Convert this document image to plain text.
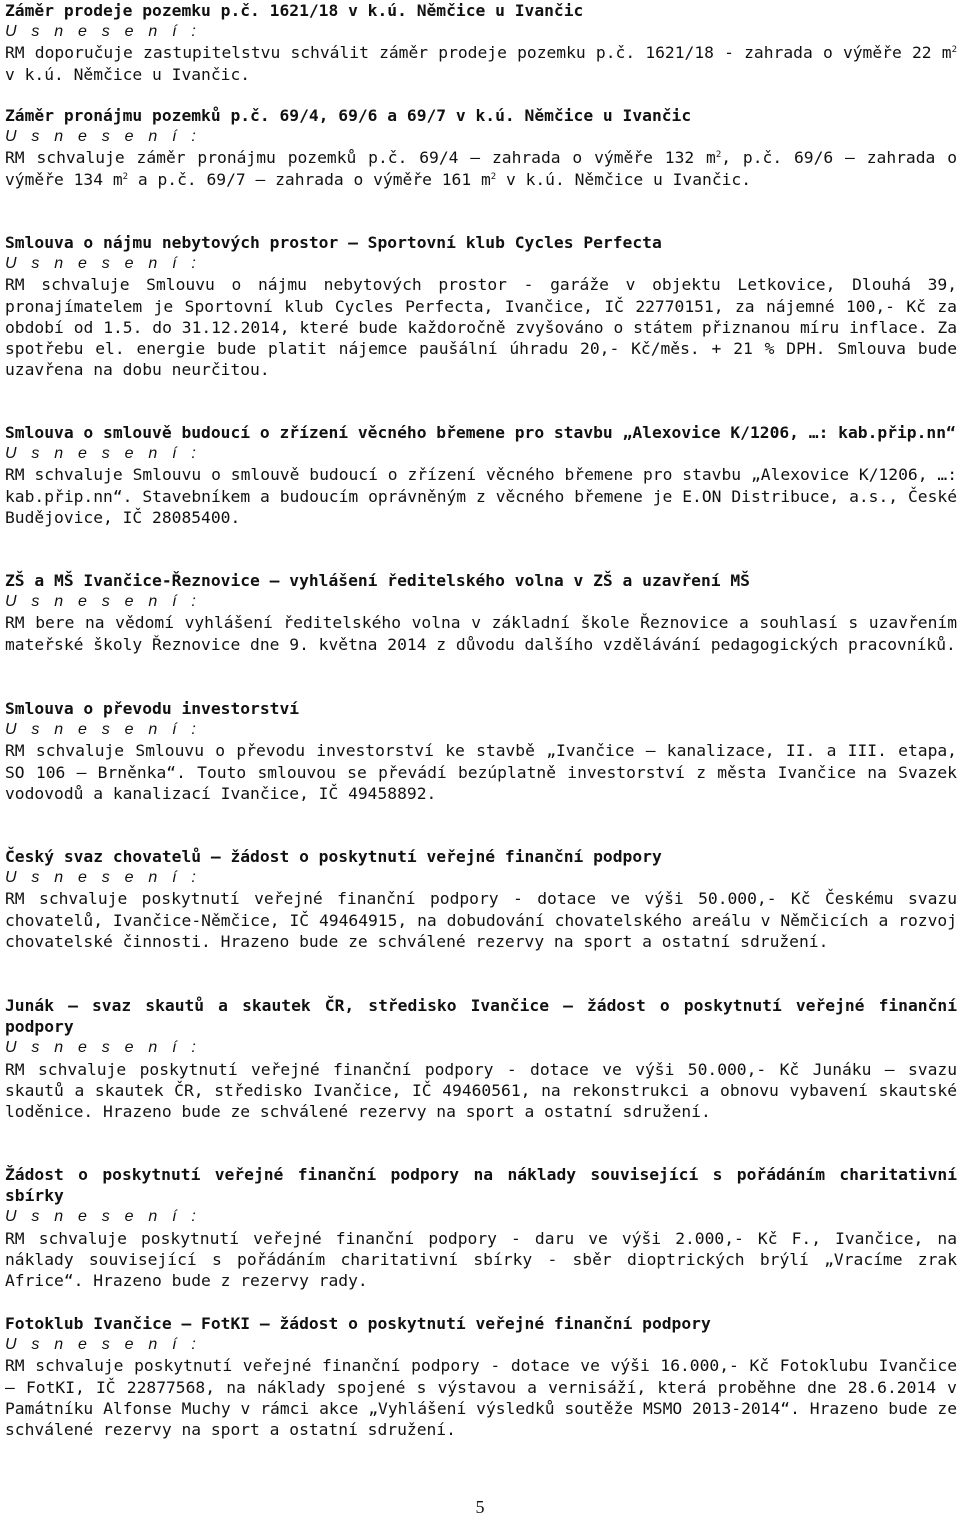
Záměr prodeje pozemku p.č. 1621/18 v k.ú. Němčice u Ivančic
U s n e s e n í :
RM doporučuje zastupitelstvu schválit záměr prodeje pozemku p.č. 1621/18 - zahrada o výměře 22 $m^2$ v k.ú. Němčice u Ivančic.
Záměr pronájmu pozemků p.č. 69/4, 69/6 a 69/7 v k.ú. Němčice u Ivančic
U s n e s e n í :
RM schvaluje záměr pronájmu pozemků p.č. 69/4 – zahrada o výměře 132 $m^2$, p.č. 69/6 – zahrada o výměře 134 $m^2$ a p.č. 69/7 – zahrada o výměře 161 $m^2$ v k.ú. Němčice u Ivančic.
Smlouva o nájmu nebytových prostor – Sportovní klub Cycles Perfecta
U s n e s e n í :
RM schvaluje Smlouvu o nájmu nebytových prostor - garáže v objektu Letkovice, Dlouhá 39, pronajímatelem je Sportovní klub Cycles Perfecta, Ivančice, IČ 22770151, za nájemné 100,- Kč za období od 1.5. do 31.12.2014, které bude každoročně zvyšováno o státem přiznanou míru inflace. Za spotřebu el. energie bude platit nájemce paušální úhradu 20,- Kč/měs. + 21 % DPH. Smlouva bude uzavřena na dobu neurčitou.
Smlouva o smlouvě budoucí o zřízení věcného břemene pro stavbu „Alexovice K/1206, …: kab.přip.nn“
U s n e s e n í :
RM schvaluje Smlouvu o smlouvě budoucí o zřízení věcného břemene pro stavbu „Alexovice K/1206, …: kab.přip.nn“. Stavebníkem a budoucím oprávněným z věcného břemene je E.ON Distribuce, a.s., České Budějovice, IČ 28085400.
ZŠ a MŠ Ivančice-Řeznovice – vyhlášení ředitelského volna v ZŠ a uzavření MŠ
U s n e s e n í :
RM bere na vědomí vyhlášení ředitelského volna v základní škole Řeznovice a souhlasí s uzavřením mateřské školy Řeznovice dne 9. května 2014 z důvodu dalšího vzdělávání pedagogických pracovníků.
Smlouva o převodu investorství
U s n e s e n í :
RM schvaluje Smlouvu o převodu investorství ke stavbě „Ivančice – kanalizace, II. a III. etapa, SO 106 – Brněnka“. Touto smlouvou se převádí bezúplatně investorství z města Ivančice na Svazek vodovodů a kanalizací Ivančice, IČ 49458892.
Český svaz chovatelů – žádost o poskytnutí veřejné finanční podpory
U s n e s e n í :
RM schvaluje poskytnutí veřejné finanční podpory - dotace ve výši 50.000,- Kč Českému svazu chovatelů, Ivančice-Němčice, IČ 49464915, na dobudování chovatelského areálu v Němčicích a rozvoj chovatelské činnosti. Hrazeno bude ze schválené rezervy na sport a ostatní sdružení.
Junák – svaz skautů a skautek ČR, středisko Ivančice – žádost o poskytnutí veřejné finanční podpory
U s n e s e n í :
RM schvaluje poskytnutí veřejné finanční podpory - dotace ve výši 50.000,- Kč Junáku – svazu skautů a skautek ČR, středisko Ivančice, IČ 49460561, na rekonstrukci a obnovu vybavení skautské loděnice. Hrazeno bude ze schválené rezervy na sport a ostatní sdružení.
Žádost o poskytnutí veřejné finanční podpory na náklady související s pořádáním charitativní sbírky
U s n e s e n í :
RM schvaluje poskytnutí veřejné finanční podpory - daru ve výši 2.000,- Kč F., Ivančice, na náklady související s pořádáním charitativní sbírky - sběr dioptrických brýlí „Vracíme zrak Africe“. Hrazeno bude z rezervy rady.
Fotoklub Ivančice – FotKI – žádost o poskytnutí veřejné finanční podpory
U s n e s e n í :
RM schvaluje poskytnutí veřejné finanční podpory - dotace ve výši 16.000,- Kč Fotoklubu Ivančice – FotKI, IČ 22877568, na náklady spojené s výstavou a vernisáží, která proběhne dne 28.6.2014 v Památníku Alfonse Muchy v rámci akce „Vyhlášení výsledků soutěže MSMO 2013-2014“. Hrazeno bude ze schválené rezervy na sport a ostatní sdružení.
5
